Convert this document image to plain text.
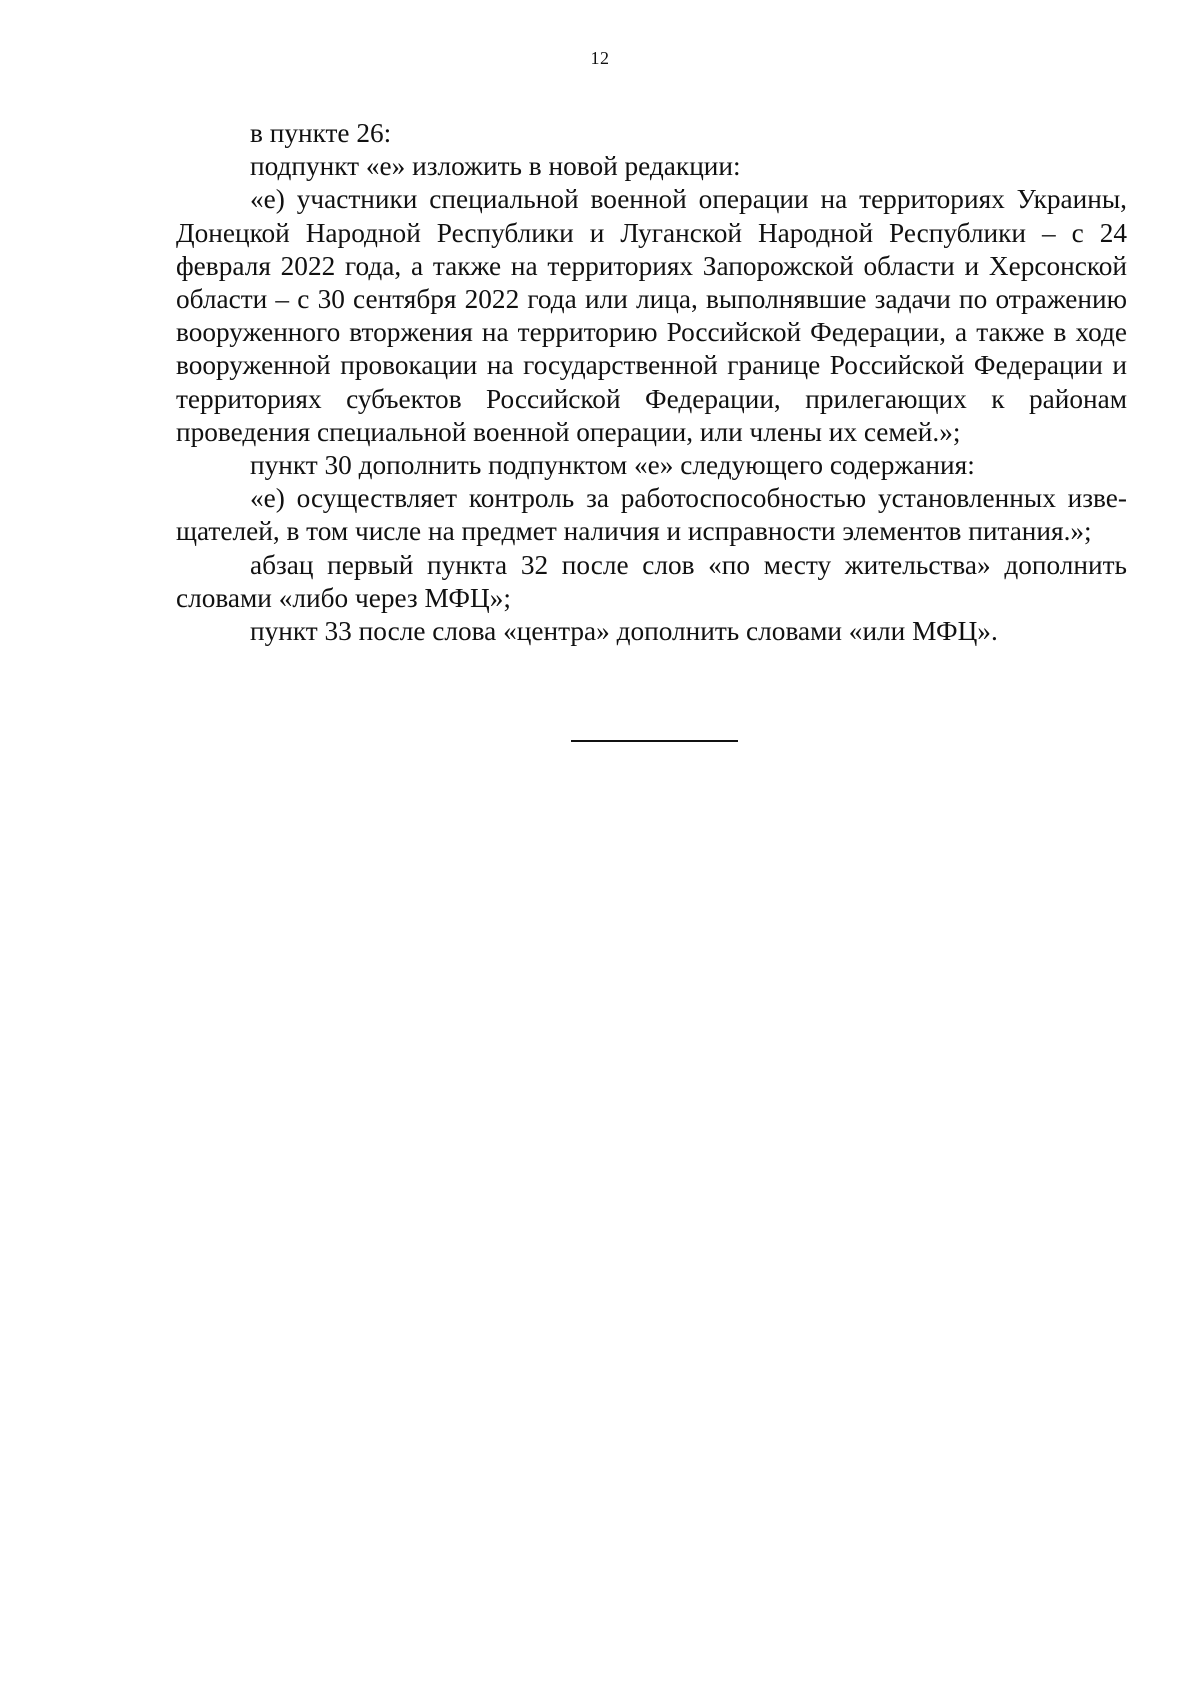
12

в пункте 26:

подпункт «е» изложить в новой редакции:

«е) участники специальной военной операции на территориях Украины, Донецкой Народной Республики и Луганской Народной Республики – с 24 февраля 2022 года, а также на территориях Запорожской области и Херсонской области – с 30 сентября 2022 года или лица, выполнявшие задачи по отражению вооруженного вторжения на территорию Российской Федерации, а также в ходе вооруженной провокации на государственной границе Российской Федерации и территориях субъектов Российской Федерации, прилегающих к районам проведения специальной военной операции, или члены их семей.»;

пункт 30 дополнить подпунктом «е» следующего содержания:

«е) осуществляет контроль за работоспособностью установленных извещателей, в том числе на предмет наличия и исправности элементов питания.»;

абзац первый пункта 32 после слов «по месту жительства» дополнить словами «либо через МФЦ»;

пункт 33 после слова «центра» дополнить словами «или МФЦ».
